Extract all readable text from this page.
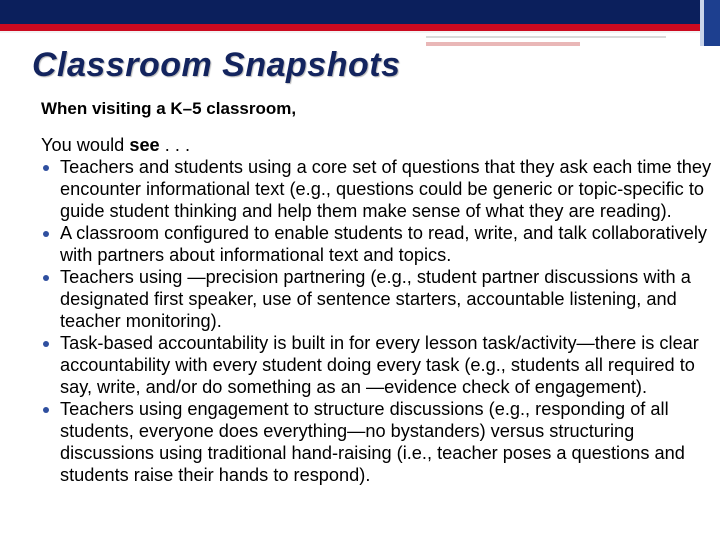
Classroom Snapshots

When visiting a K–5 classroom,

You would see . . .

Teachers and students using a core set of questions that they ask each time they encounter informational text (e.g., questions could be generic or topic-specific to guide student thinking and help them make sense of what they are reading).
A classroom configured to enable students to read, write, and talk collaboratively with partners about informational text and topics.
Teachers using —precision partnering (e.g., student partner discussions with a designated first speaker, use of sentence starters, accountable listening, and teacher monitoring).
Task-based accountability is built in for every lesson task/activity—there is clear accountability with every student doing every task (e.g., students all required to say, write, and/or do something as an —evidence check of engagement).
Teachers using engagement to structure discussions (e.g., responding of all students, everyone does everything—no bystanders) versus structuring discussions using traditional hand-raising (i.e., teacher poses a questions and students raise their hands to respond).
